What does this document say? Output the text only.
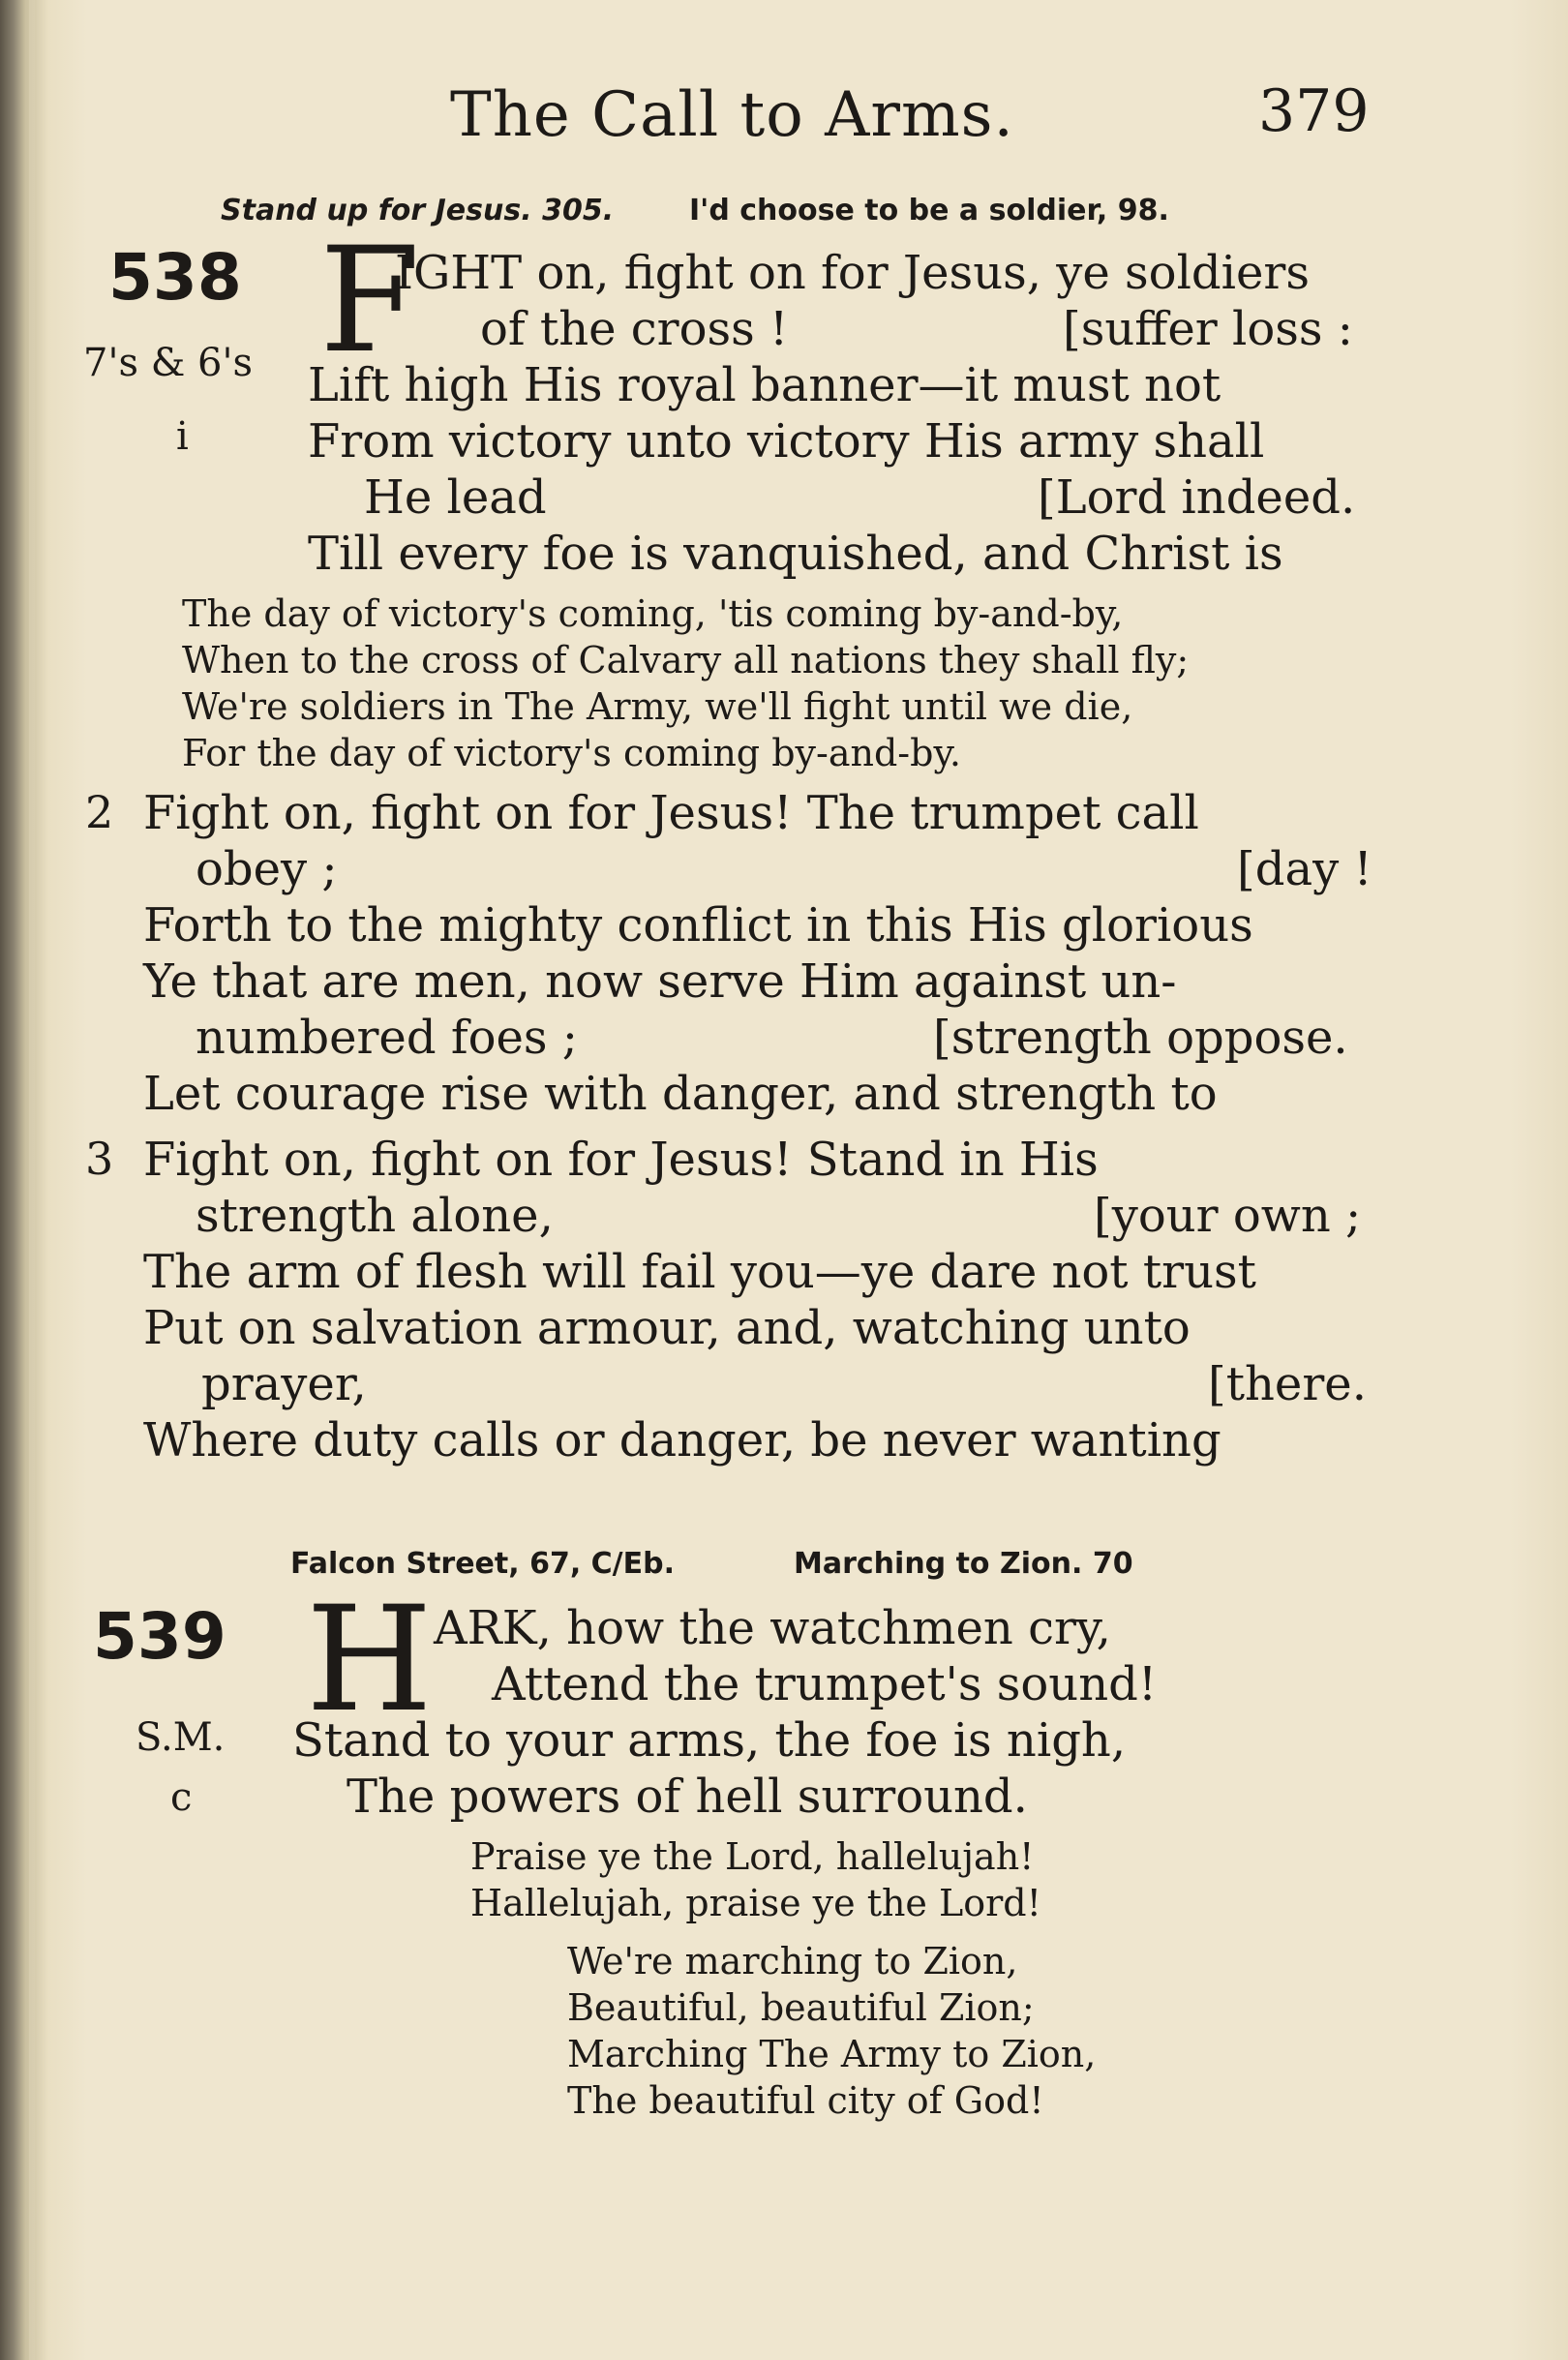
The Call to Arms.	379
Stand up for Jesus. 305.	I'd choose to be a soldier, 98.
538
7's & 6's
i
F
IGHT on, fight on for Jesus, ye soldiers
of the cross !	[suffer loss :
Lift high His royal banner—it must not
From victory unto victory His army shall
He lead	[Lord indeed.
Till every foe is vanquished, and Christ is
The day of victory's coming, 'tis coming by-and-by,
When to the cross of Calvary all nations they shall fly;
We're soldiers in The Army, we'll fight until we die,
For the day of victory's coming by-and-by.
2 Fight on, fight on for Jesus! The trumpet call
obey ;	[day !
Forth to the mighty conflict in this His glorious
Ye that are men, now serve Him against un-
numbered foes ;	[strength oppose.
Let courage rise with danger, and strength to
3 Fight on, fight on for Jesus! Stand in His
strength alone,	[your own ;
The arm of flesh will fail you—ye dare not trust
Put on salvation armour, and, watching unto
prayer,	[there.
Where duty calls or danger, be never wanting
Falcon Street, 67, C/Eb.	Marching to Zion. 70
539
S.M.
c
H ARK, how the watchmen cry,
Attend the trumpet's sound!
Stand to your arms, the foe is nigh,
The powers of hell surround.
Praise ye the Lord, hallelujah!
Hallelujah, praise ye the Lord!
We're marching to Zion,
Beautiful, beautiful Zion;
Marching The Army to Zion,
The beautiful city of God!
